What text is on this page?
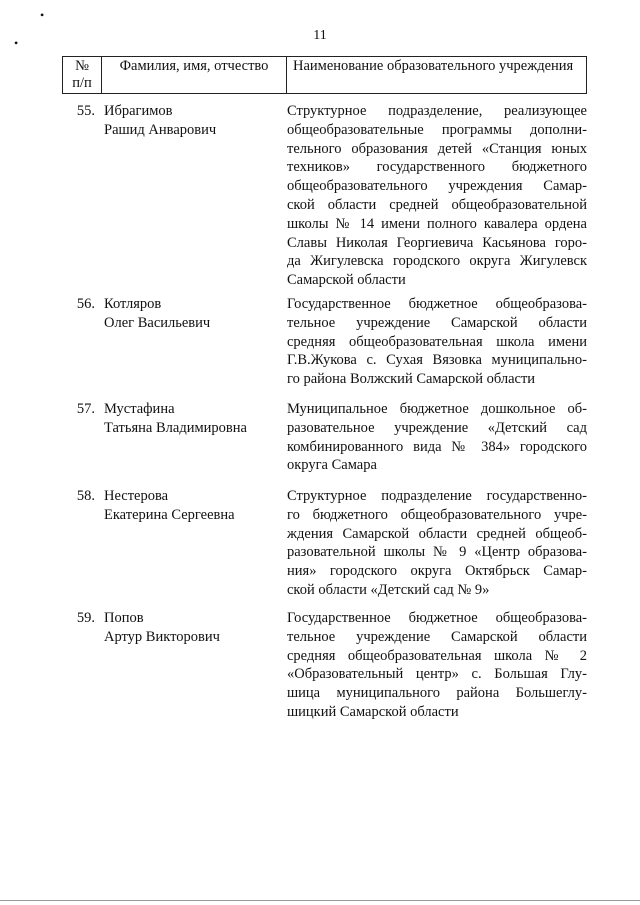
•
•	11
№
п/п
Фамилия, имя, отчество	Наименование образовательного учреждения
55. Ибрагимов
Рашид Анварович
Структурное подразделение, реализующее
общеобразовательные программы дополни-
тельного образования детей «Станция юных
техников» государственного бюджетного
общеобразовательного учреждения Самар-
ской области средней общеобразовательной
школы № 14 имени полного кавалера ордена
Славы Николая Георгиевича Касьянова горо-
да Жигулевска городского округа Жигулевск
Самарской области
56. Котляров
Олег Васильевич
Государственное бюджетное общеобразова-
тельное учреждение Самарской области
средняя общеобразовательная школа имени
Г.В.Жукова с. Сухая Вязовка муниципально-
го района Волжский Самарской области
57. Мустафина
Татьяна Владимировна
Муниципальное бюджетное дошкольное об-
разовательное учреждение «Детский сад
комбинированного вида № 384» городского
округа Самара
58. Нестерова
Екатерина Сергеевна
Структурное подразделение государственно-
го бюджетного общеобразовательного учре-
ждения Самарской области средней общеоб-
разовательной школы № 9 «Центр образова-
ния» городского округа Октябрьск Самар-
ской области «Детский сад № 9»
59. Попов
Артур Викторович
Государственное бюджетное общеобразова-
тельное учреждение Самарской области
средняя общеобразовательная школа № 2
«Образовательный центр» с. Большая Глу-
шица муниципального района Большеглу-
шицкий Самарской области
